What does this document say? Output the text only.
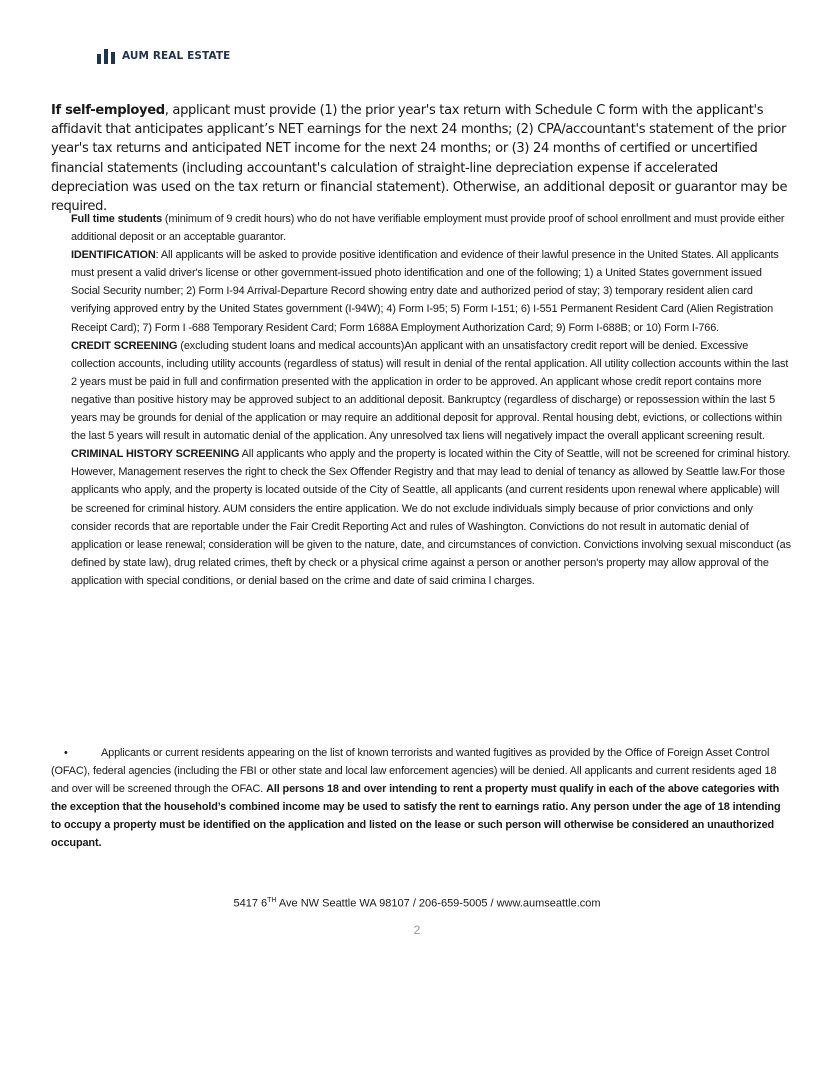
AUM REAL ESTATE

If self-employed, applicant must provide (1) the prior year's tax return with Schedule C form with the applicant's affidavit that anticipates applicant’s NET earnings for the next 24 months; (2) CPA/accountant's statement of the prior year's tax returns and anticipated NET income for the next 24 months; or (3) 24 months of certified or uncertified financial statements (including accountant's calculation of straight-line depreciation expense if accelerated depreciation was used on the tax return or financial statement). Otherwise, an additional deposit or guarantor may be required.

Full time students (minimum of 9 credit hours) who do not have verifiable employment must provide proof of school enrollment and must provide either additional deposit or an acceptable guarantor.

IDENTIFICATION: All applicants will be asked to provide positive identification and evidence of their lawful presence in the United States. All applicants must present a valid driver's license or other government-issued photo identification and one of the following; 1) a United States government issued Social Security number; 2) Form I-94 Arrival-Departure Record showing entry date and authorized period of stay; 3) temporary resident alien card verifying approved entry by the United States government (I-94W); 4) Form I-95; 5) Form I-151; 6) I-551 Permanent Resident Card (Alien Registration Receipt Card); 7) Form I -688 Temporary Resident Card; Form 1688A Employment Authorization Card; 9) Form I-688B; or 10) Form I-766.

CREDIT SCREENING (excluding student loans and medical accounts)An applicant with an unsatisfactory credit report will be denied. Excessive collection accounts, including utility accounts (regardless of status) will result in denial of the rental application. All utility collection accounts within the last 2 years must be paid in full and confirmation presented with the application in order to be approved. An applicant whose credit report contains more negative than positive history may be approved subject to an additional deposit. Bankruptcy (regardless of discharge) or repossession within the last 5 years may be grounds for denial of the application or may require an additional deposit for approval. Rental housing debt, evictions, or collections within the last 5 years will result in automatic denial of the application. Any unresolved tax liens will negatively impact the overall applicant screening result.

CRIMINAL HISTORY SCREENING All applicants who apply and the property is located within the City of Seattle, will not be screened for criminal history. However, Management reserves the right to check the Sex Offender Registry and that may lead to denial of tenancy as allowed by Seattle law.For those applicants who apply, and the property is located outside of the City of Seattle, all applicants (and current residents upon renewal where applicable) will be screened for criminal history. AUM considers the entire application. We do not exclude individuals simply because of prior convictions and only consider records that are reportable under the Fair Credit Reporting Act and rules of Washington. Convictions do not result in automatic denial of application or lease renewal; consideration will be given to the nature, date, and circumstances of conviction. Convictions involving sexual misconduct (as defined by state law), drug related crimes, theft by check or a physical crime against a person or another person's property may allow approval of the application with special conditions, or denial based on the crime and date of said crimina l charges.

•	Applicants or current residents appearing on the list of known terrorists and wanted fugitives as provided by the Office of Foreign Asset Control (OFAC), federal agencies (including the FBI or other state and local law enforcement agencies) will be denied. All applicants and current residents aged 18 and over will be screened through the OFAC. All persons 18 and over intending to rent a property must qualify in each of the above categories with the exception that the household’s combined income may be used to satisfy the rent to earnings ratio. Any person under the age of 18 intending to occupy a property must be identified on the application and listed on the lease or such person will otherwise be considered an unauthorized occupant.
5417 6TH Ave NW Seattle WA 98107 / 206-659-5005 / www.aumseattle.com
2
